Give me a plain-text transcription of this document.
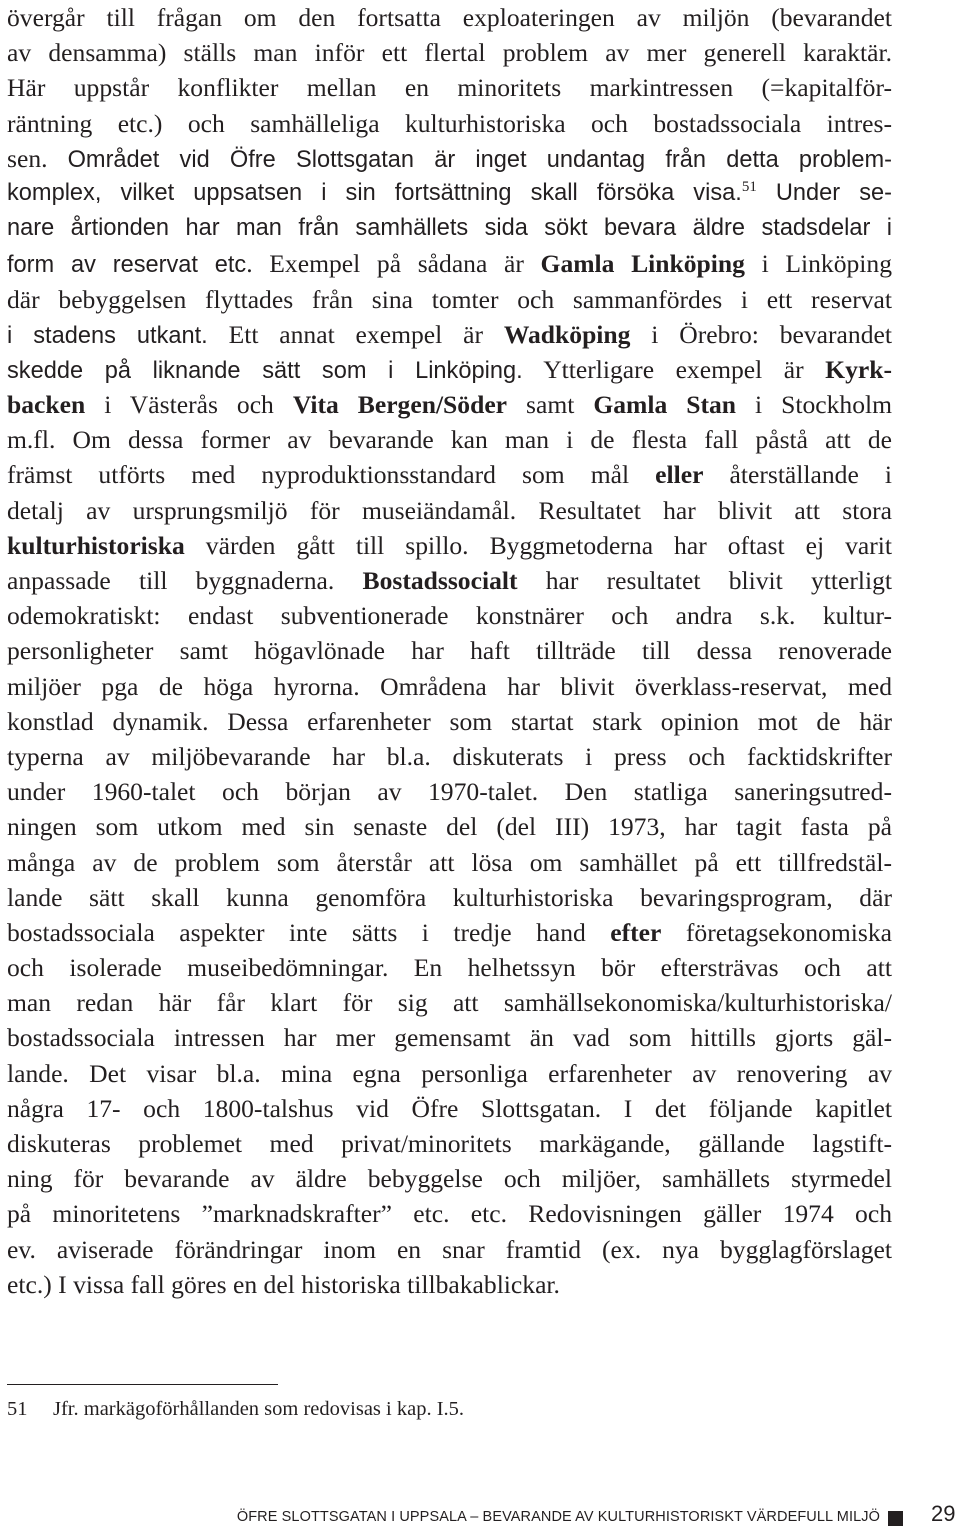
övergår till frågan om den fortsatta exploateringen av miljön (bevarandet
av densamma) ställs man inför ett flertal problem av mer generell karaktär.
Här uppstår konflikter mellan en minoritets markintressen (=kapitalför-
räntning etc.) och samhälleliga kulturhistoriska och bostadssociala intres-
sen. Området vid Öfre Slottsgatan är inget undantag från detta problem-
komplex, vilket uppsatsen i sin fortsättning skall försöka visa.$^{51}$ Under se-
nare årtionden har man från samhällets sida sökt bevara äldre stadsdelar i
form av reservat etc. Exempel på sådana är Gamla Linköping i Linköping
där bebyggelsen flyttades från sina tomter och sammanfördes i ett reservat
i stadens utkant. Ett annat exempel är Wadköping i Örebro: bevarandet
skedde på liknande sätt som i Linköping. Ytterligare exempel är Kyrk-
backen i Västerås och Vita Bergen/Söder samt Gamla Stan i Stockholm
m.fl. Om dessa former av bevarande kan man i de flesta fall påstå att de
främst utförts med nyproduktionsstandard som mål eller återställande i
detalj av ursprungsmiljö för museiändamål. Resultatet har blivit att stora
kulturhistoriska värden gått till spillo. Byggmetoderna har oftast ej varit
anpassade till byggnaderna. Bostadssocialt har resultatet blivit ytterligt
odemokratiskt: endast subventionerade konstnärer och andra s.k. kultur-
personligheter samt högavlönade har haft tillträde till dessa renoverade
miljöer pga de höga hyrorna. Områdena har blivit överklass-reservat, med
konstlad dynamik. Dessa erfarenheter som startat stark opinion mot de här
typerna av miljöbevarande har bl.a. diskuterats i press och facktidskrifter
under 1960-talet och början av 1970-talet. Den statliga saneringsutred-
ningen som utkom med sin senaste del (del III) 1973, har tagit fasta på
många av de problem som återstår att lösa om samhället på ett tillfredstäl-
lande sätt skall kunna genomföra kulturhistoriska bevaringsprogram, där
bostadssociala aspekter inte sätts i tredje hand efter företagsekonomiska
och isolerade museibedömningar. En helhetssyn bör eftersträvas och att
man redan här får klart för sig att samhällsekonomiska/kulturhistoriska/
bostadssociala intressen har mer gemensamt än vad som hittills gjorts gäl-
lande. Det visar bl.a. mina egna personliga erfarenheter av renovering av
några 17- och 1800-talshus vid Öfre Slottsgatan. I det följande kapitlet
diskuteras problemet med privat/minoritets markägande, gällande lagstift-
ning för bevarande av äldre bebyggelse och miljöer, samhällets styrmedel
på minoritetens ”marknadskrafter” etc. etc. Redovisningen gäller 1974 och
ev. aviserade förändringar inom en snar framtid (ex. nya bygglagförslaget
etc.) I vissa fall göres en del historiska tillbakablickar.
51 Jfr. markägoförhållanden som redovisas i kap. I.5.
ÖFRE SLOTTSGATAN I UPPSALA – BEVARANDE AV KULTURHISTORISKT VÄRDEFULL MILJÖ 29
